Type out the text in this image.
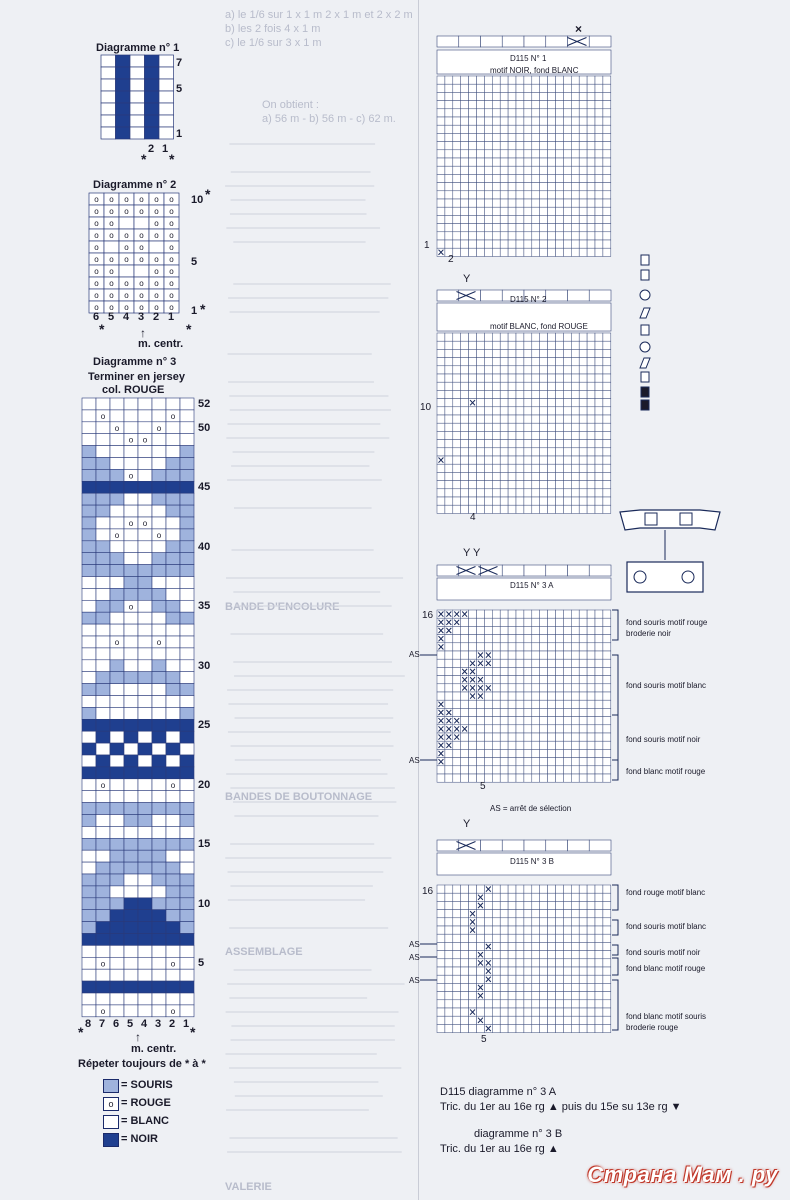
a) le 1/6 sur 1 x 1 m 2 x 1 m et 2 x 2 m
b) les 2 fois 4 x 1 m
c) le 1/6 sur 3 x 1 m
On obtient :
a) 56 m - b) 56 m - c) 62 m.
BANDE D'ENCOLURE
BANDES DE BOUTONNAGE
ASSEMBLAGE
VALERIE
Diagramme n° 1
7
5
1
2 1
* *
Diagramme n° 2
o o o o o o
o o o o o o
o o	o o
o o o o o o
o	o o	o
o o o o o o
o o	o o
o o o o o o
o o o o o o
o o o o o o
10 *
5
1 *
6 5 4 3 2 1
*	*
↑
m. centr.
Diagramme n° 3
Terminer en jersey
col. ROUGE
o	o
o	o
o o
o
o o
o	o
o
o	o
o	o
o	o
o	o
52
50
45
40
35
30
25
20
15
10
5
8 7 6 5 4 3 2 1
*	*
↑
m. centr.
Répeter toujours de * à *
= SOURIS
o = ROUGE
= BLANC
= NOIR
×
Y
Y Y
Y
D115 N° 1
motif NOIR, fond BLANC
1
2
D115 N° 2
motif BLANC, fond ROUGE
10
4
D115 N° 3 A
16
AS
AS
5
fond souris motif rouge
broderie noir
fond souris motif blanc
fond souris motif noir
fond blanc motif rouge
AS = arrêt de sélection
D115 N° 3 B
16
AS
AS
AS
5
fond rouge motif blanc
fond souris motif blanc
fond souris motif noir
fond blanc motif rouge
fond blanc motif souris
broderie rouge
D115 diagramme n° 3 A
Tric. du 1er au 16e rg ▲ puis du 15e su 13e rg ▼
diagramme n° 3 B
Tric. du 1er au 16e rg ▲
Страна Мам . ру
